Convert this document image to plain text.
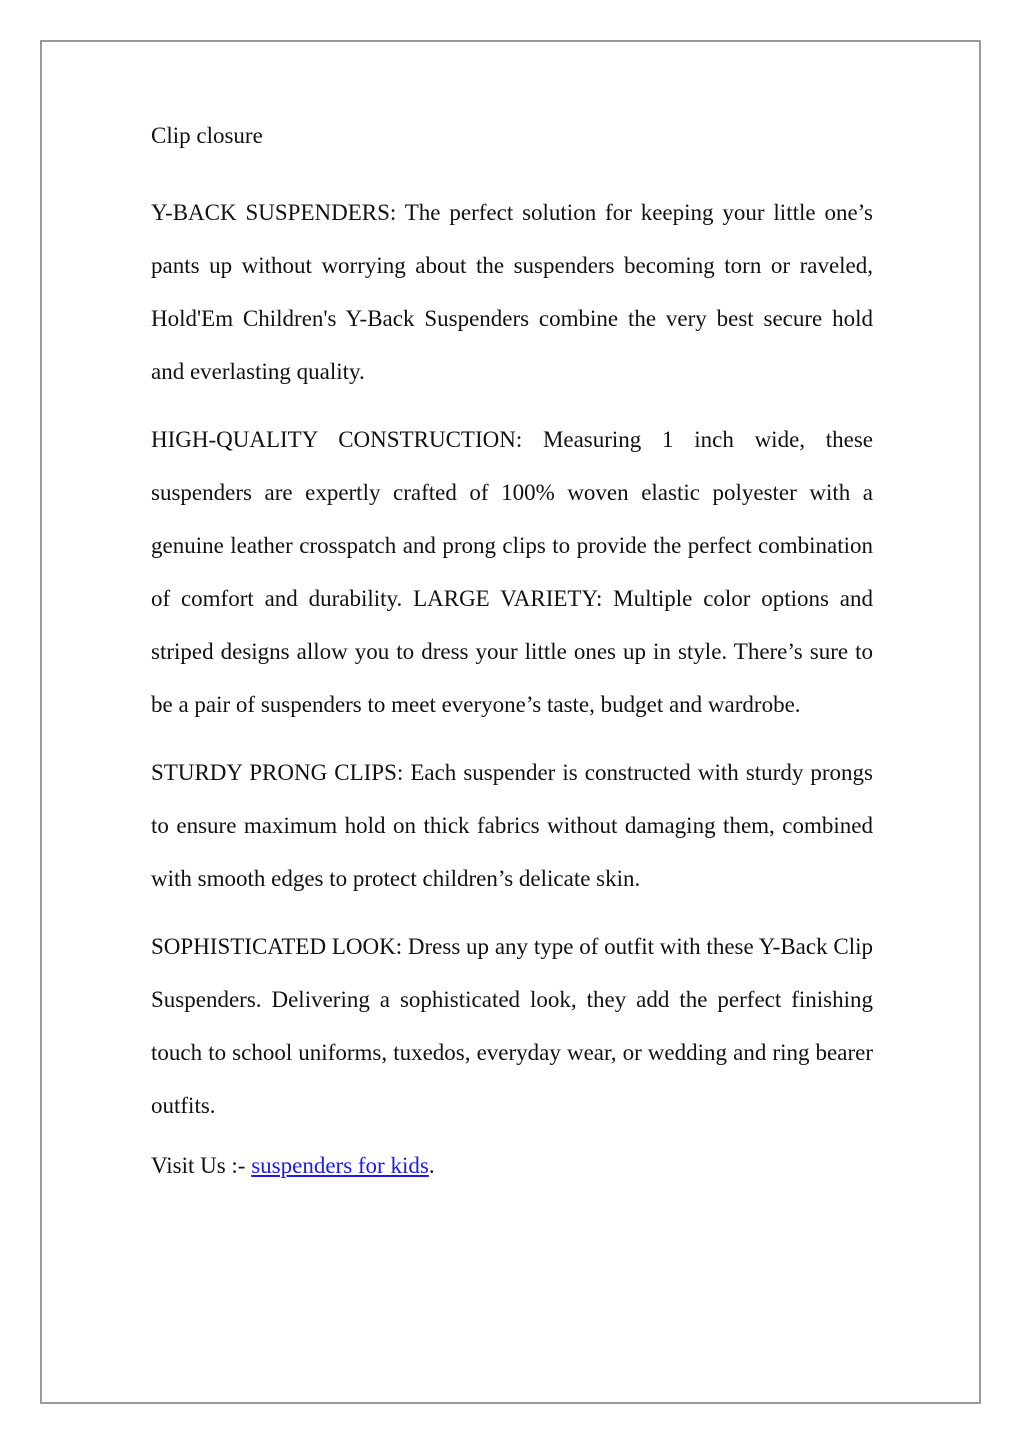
Clip closure

Y-BACK SUSPENDERS: The perfect solution for keeping your little one’s pants up without worrying about the suspenders becoming torn or raveled, Hold'Em Children's Y-Back Suspenders combine the very best secure hold and everlasting quality.

HIGH-QUALITY CONSTRUCTION: Measuring 1 inch wide, these suspenders are expertly crafted of 100% woven elastic polyester with a genuine leather crosspatch and prong clips to provide the perfect combination of comfort and durability. LARGE VARIETY: Multiple color options and striped designs allow you to dress your little ones up in style. There’s sure to be a pair of suspenders to meet everyone’s taste, budget and wardrobe.

STURDY PRONG CLIPS: Each suspender is constructed with sturdy prongs to ensure maximum hold on thick fabrics without damaging them, combined with smooth edges to protect children’s delicate skin.

SOPHISTICATED LOOK: Dress up any type of outfit with these Y-Back Clip Suspenders. Delivering a sophisticated look, they add the perfect finishing touch to school uniforms, tuxedos, everyday wear, or wedding and ring bearer outfits.

Visit Us :- suspenders for kids.
